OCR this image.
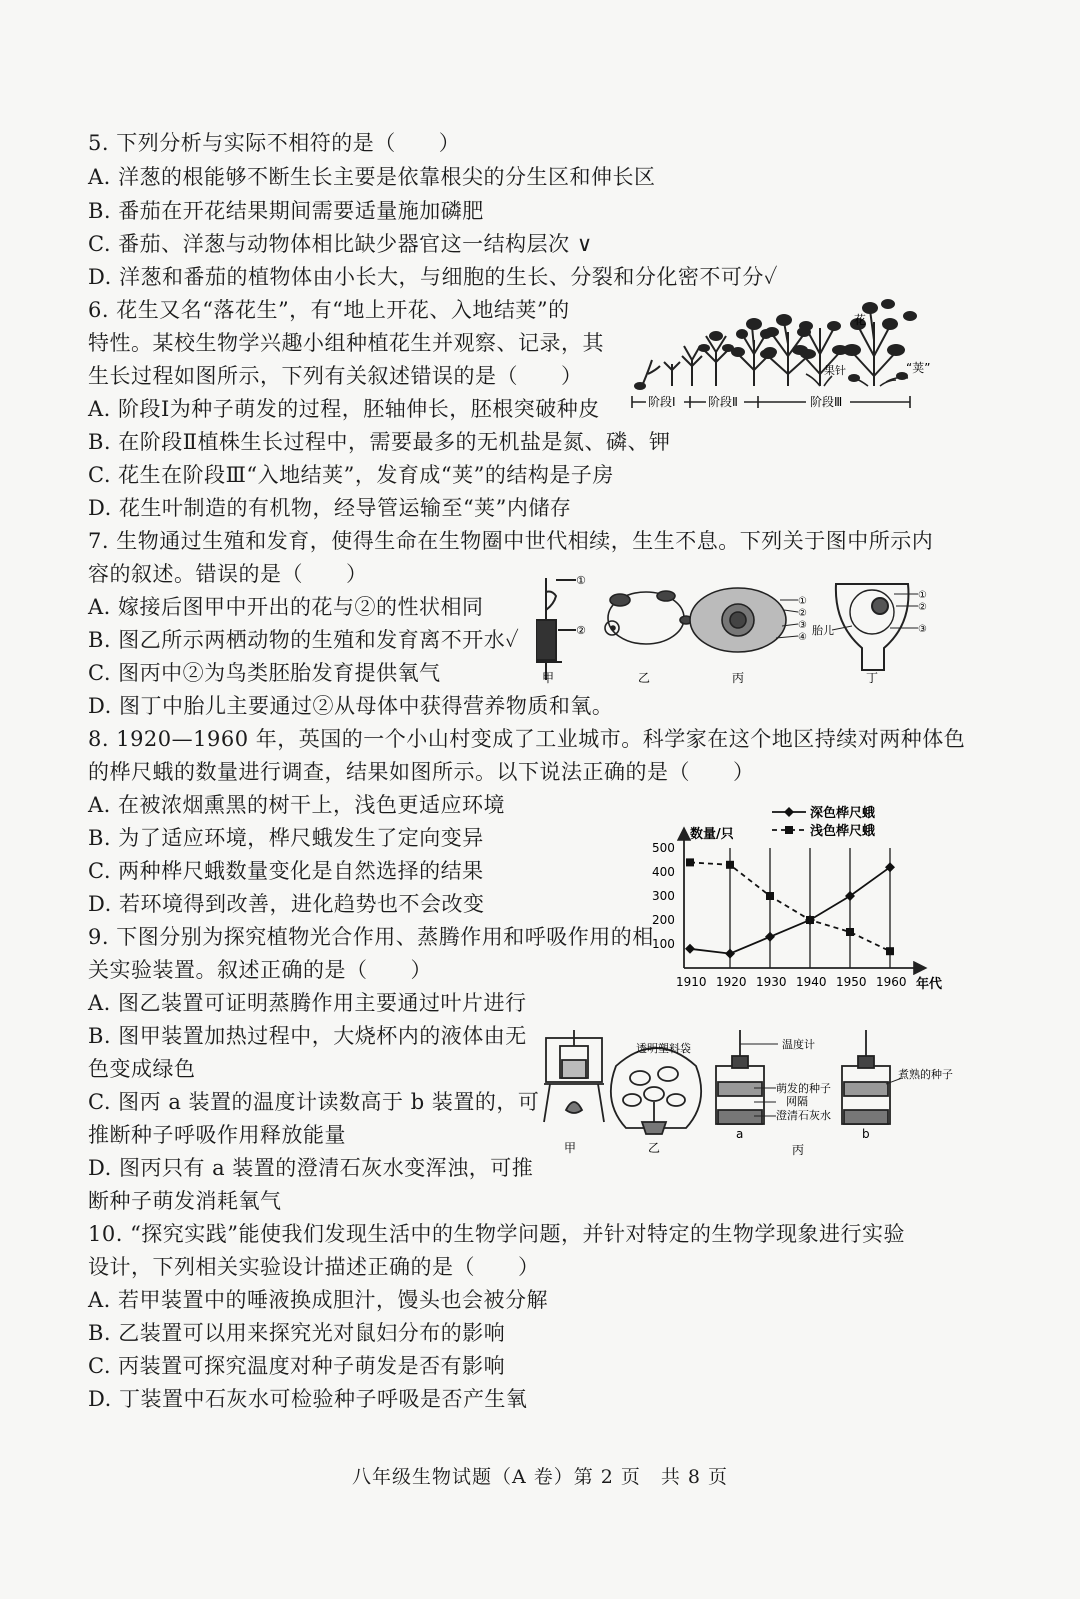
5. 下列分析与实际不相符的是（　　）
A. 洋葱的根能够不断生长主要是依靠根尖的分生区和伸长区
B. 番茄在开花结果期间需要适量施加磷肥
C. 番茄、洋葱与动物体相比缺少器官这一结构层次 ∨
D. 洋葱和番茄的植物体由小长大，与细胞的生长、分裂和分化密不可分✓
6. 花生又名“落花生”，有“地上开花、入地结荚”的
特性。某校生物学兴趣小组种植花生并观察、记录，其
生长过程如图所示，下列有关叙述错误的是（　　）
A. 阶段Ⅰ为种子萌发的过程，胚轴伸长，胚根突破种皮
B. 在阶段Ⅱ植株生长过程中，需要最多的无机盐是氮、磷、钾
C. 花生在阶段Ⅲ“入地结荚”，发育成“荚”的结构是子房
D. 花生叶制造的有机物，经导管运输至“荚”内储存
7. 生物通过生殖和发育，使得生命在生物圈中世代相续，生生不息。下列关于图中所示内
容的叙述。错误的是（　　）
A. 嫁接后图甲中开出的花与②的性状相同
B. 图乙所示两栖动物的生殖和发育离不开水✓
C. 图丙中②为鸟类胚胎发育提供氧气
D. 图丁中胎儿主要通过②从母体中获得营养物质和氧。
8. 1920—1960 年，英国的一个小山村变成了工业城市。科学家在这个地区持续对两种体色
的桦尺蛾的数量进行调查，结果如图所示。以下说法正确的是（　　）
A. 在被浓烟熏黑的树干上，浅色更适应环境
B. 为了适应环境，桦尺蛾发生了定向变异
C. 两种桦尺蛾数量变化是自然选择的结果
D. 若环境得到改善，进化趋势也不会改变
9. 下图分别为探究植物光合作用、蒸腾作用和呼吸作用的相
关实验装置。叙述正确的是（　　）
A. 图乙装置可证明蒸腾作用主要通过叶片进行
B. 图甲装置加热过程中，大烧杯内的液体由无
色变成绿色
C. 图丙 a 装置的温度计读数高于 b 装置的，可
推断种子呼吸作用释放能量
D. 图丙只有 a 装置的澄清石灰水变浑浊，可推
断种子萌发消耗氧气
10. “探究实践”能使我们发现生活中的生物学问题，并针对特定的生物学现象进行实验
设计，下列相关实验设计描述正确的是（　　）
A. 若甲装置中的唾液换成胆汁，馒头也会被分解
B. 乙装置可以用来探究光对鼠妇分布的影响
C. 丙装置可探究温度对种子萌发是否有影响
D. 丁装置中石灰水可检验种子呼吸是否产生氧
阶段Ⅰ	阶段Ⅱ	阶段Ⅲ
花
果针	“荚”
①
②
甲	乙
①
②
③
④
丙
①
②
③
胎儿
丁
数量/只
年代
1910 1920 1930 1940 1950 1960
100
200
300
400
500
深色桦尺蛾
浅色桦尺蛾
甲
透明塑料袋
乙
温度计
萌发的种子
网隔
澄清石灰水
煮熟的种子
a	b
丙
八年级生物试题（A 卷）第 2 页　共 8 页
